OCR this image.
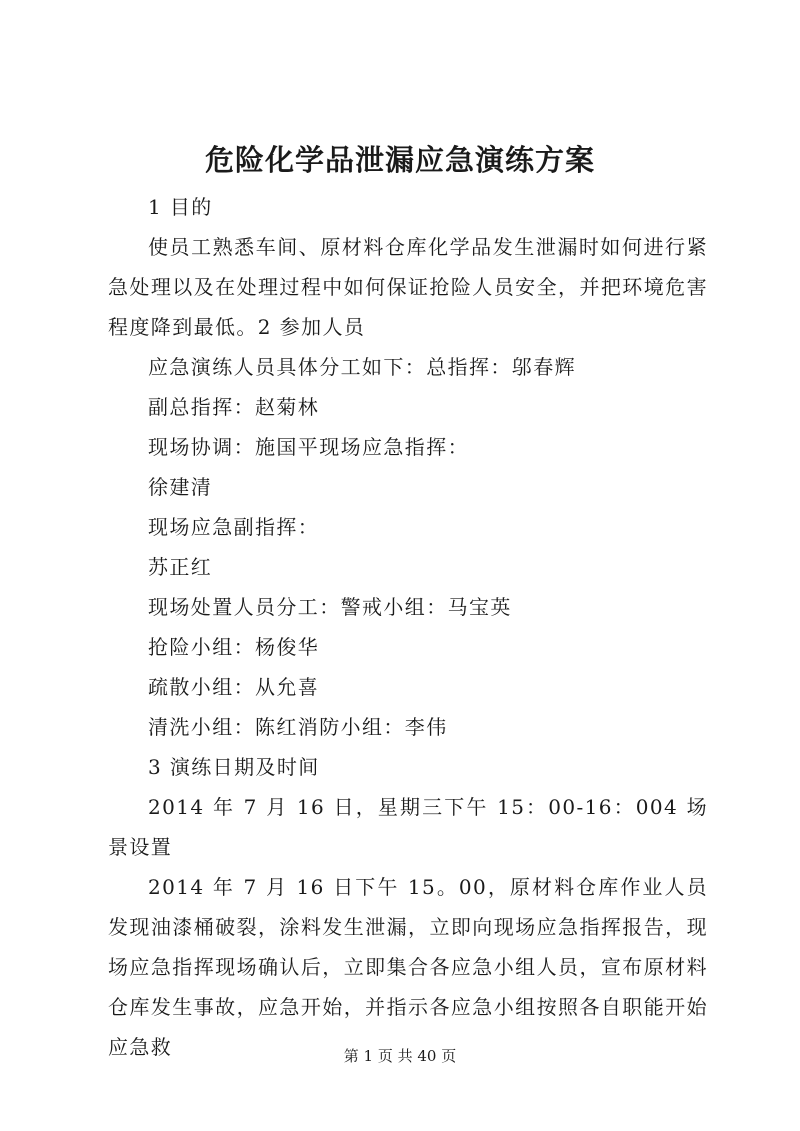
危险化学品泄漏应急演练方案

1 目的

使员工熟悉车间、原材料仓库化学品发生泄漏时如何进行紧急处理以及在处理过程中如何保证抢险人员安全，并把环境危害程度降到最低。2 参加人员

应急演练人员具体分工如下：总指挥：邬春辉

副总指挥：赵菊林

现场协调：施国平现场应急指挥：

徐建清

现场应急副指挥：

苏正红

现场处置人员分工：警戒小组：马宝英

抢险小组：杨俊华

疏散小组：从允喜

清洗小组：陈红消防小组：李伟

3 演练日期及时间

2014 年 7 月 16 日，星期三下午 15：00-16：004 场景设置

2014 年 7 月 16 日下午 15。00，原材料仓库作业人员发现油漆桶破裂，涂料发生泄漏，立即向现场应急指挥报告，现场应急指挥现场确认后，立即集合各应急小组人员，宣布原材料仓库发生事故，应急开始，并指示各应急小组按照各自职能开始应急救	第 1 页 共 40 页
